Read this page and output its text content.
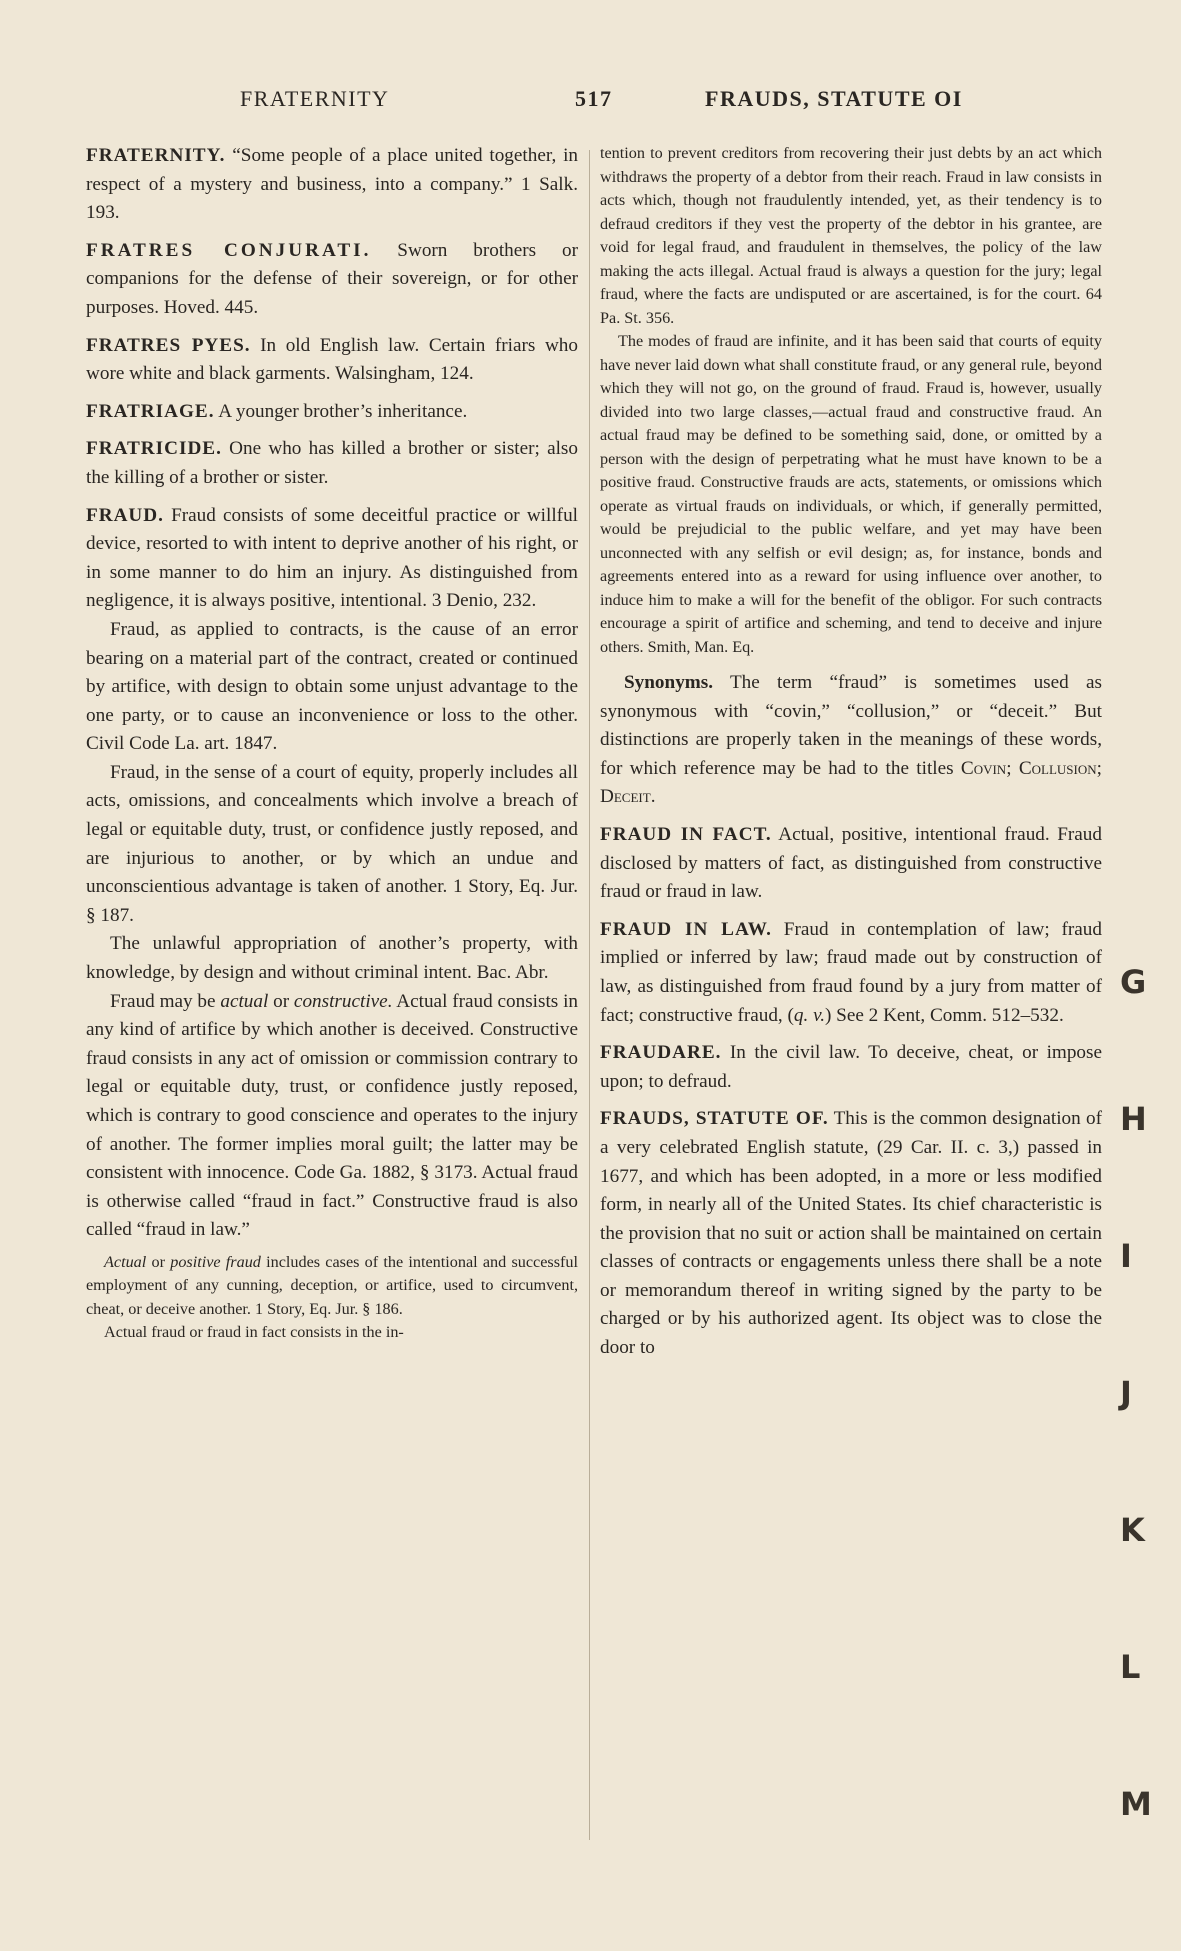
FRATERNITY	517	FRAUDS, STATUTE OI

FRATERNITY. “Some people of a place united together, in respect of a mystery and business, into a company.” 1 Salk. 193.

FRATRES CONJURATI. Sworn brothers or companions for the defense of their sovereign, or for other purposes. Hoved. 445.

FRATRES PYES. In old English law. Certain friars who wore white and black garments. Walsingham, 124.

FRATRIAGE. A younger brother’s inheritance.

FRATRICIDE. One who has killed a brother or sister; also the killing of a brother or sister.

FRAUD. Fraud consists of some deceitful practice or willful device, resorted to with intent to deprive another of his right, or in some manner to do him an injury. As distinguished from negligence, it is always positive, intentional. 3 Denio, 232.

Fraud, as applied to contracts, is the cause of an error bearing on a material part of the contract, created or continued by artifice, with design to obtain some unjust advantage to the one party, or to cause an inconvenience or loss to the other. Civil Code La. art. 1847.

Fraud, in the sense of a court of equity, properly includes all acts, omissions, and concealments which involve a breach of legal or equitable duty, trust, or confidence justly reposed, and are injurious to another, or by which an undue and unconscientious advantage is taken of another. 1 Story, Eq. Jur. § 187.

The unlawful appropriation of another’s property, with knowledge, by design and without criminal intent. Bac. Abr.

Fraud may be actual or constructive. Actual fraud consists in any kind of artifice by which another is deceived. Constructive fraud consists in any act of omission or commission contrary to legal or equitable duty, trust, or confidence justly reposed, which is contrary to good conscience and operates to the injury of another. The former implies moral guilt; the latter may be consistent with innocence. Code Ga. 1882, § 3173. Actual fraud is otherwise called “fraud in fact.” Constructive fraud is also called “fraud in law.”

Actual or positive fraud includes cases of the intentional and successful employment of any cunning, deception, or artifice, used to circumvent, cheat, or deceive another. 1 Story, Eq. Jur. § 186.

Actual fraud or fraud in fact consists in the in-

tention to prevent creditors from recovering their just debts by an act which withdraws the property of a debtor from their reach. Fraud in law consists in acts which, though not fraudulently intended, yet, as their tendency is to defraud creditors if they vest the property of the debtor in his grantee, are void for legal fraud, and fraudulent in themselves, the policy of the law making the acts illegal. Actual fraud is always a question for the jury; legal fraud, where the facts are undisputed or are ascertained, is for the court. 64 Pa. St. 356.

The modes of fraud are infinite, and it has been said that courts of equity have never laid down what shall constitute fraud, or any general rule, beyond which they will not go, on the ground of fraud. Fraud is, however, usually divided into two large classes,—actual fraud and constructive fraud. An actual fraud may be defined to be something said, done, or omitted by a person with the design of perpetrating what he must have known to be a positive fraud. Constructive frauds are acts, statements, or omissions which operate as virtual frauds on individuals, or which, if generally permitted, would be prejudicial to the public welfare, and yet may have been unconnected with any selfish or evil design; as, for instance, bonds and agreements entered into as a reward for using influence over another, to induce him to make a will for the benefit of the obligor. For such contracts encourage a spirit of artifice and scheming, and tend to deceive and injure others. Smith, Man. Eq.

Synonyms. The term “fraud” is sometimes used as synonymous with “covin,” “collusion,” or “deceit.” But distinctions are properly taken in the meanings of these words, for which reference may be had to the titles Covin; Collusion; Deceit.

FRAUD IN FACT. Actual, positive, intentional fraud. Fraud disclosed by matters of fact, as distinguished from constructive fraud or fraud in law.

FRAUD IN LAW. Fraud in contemplation of law; fraud implied or inferred by law; fraud made out by construction of law, as distinguished from fraud found by a jury from matter of fact; constructive fraud, (q. v.) See 2 Kent, Comm. 512–532.

FRAUDARE. In the civil law. To deceive, cheat, or impose upon; to defraud.

FRAUDS, STATUTE OF. This is the common designation of a very celebrated English statute, (29 Car. II. c. 3,) passed in 1677, and which has been adopted, in a more or less modified form, in nearly all of the United States. Its chief characteristic is the provision that no suit or action shall be maintained on certain classes of contracts or engagements unless there shall be a note or memorandum thereof in writing signed by the party to be charged or by his authorized agent. Its object was to close the door to

G
H
I
J
K
L
M
